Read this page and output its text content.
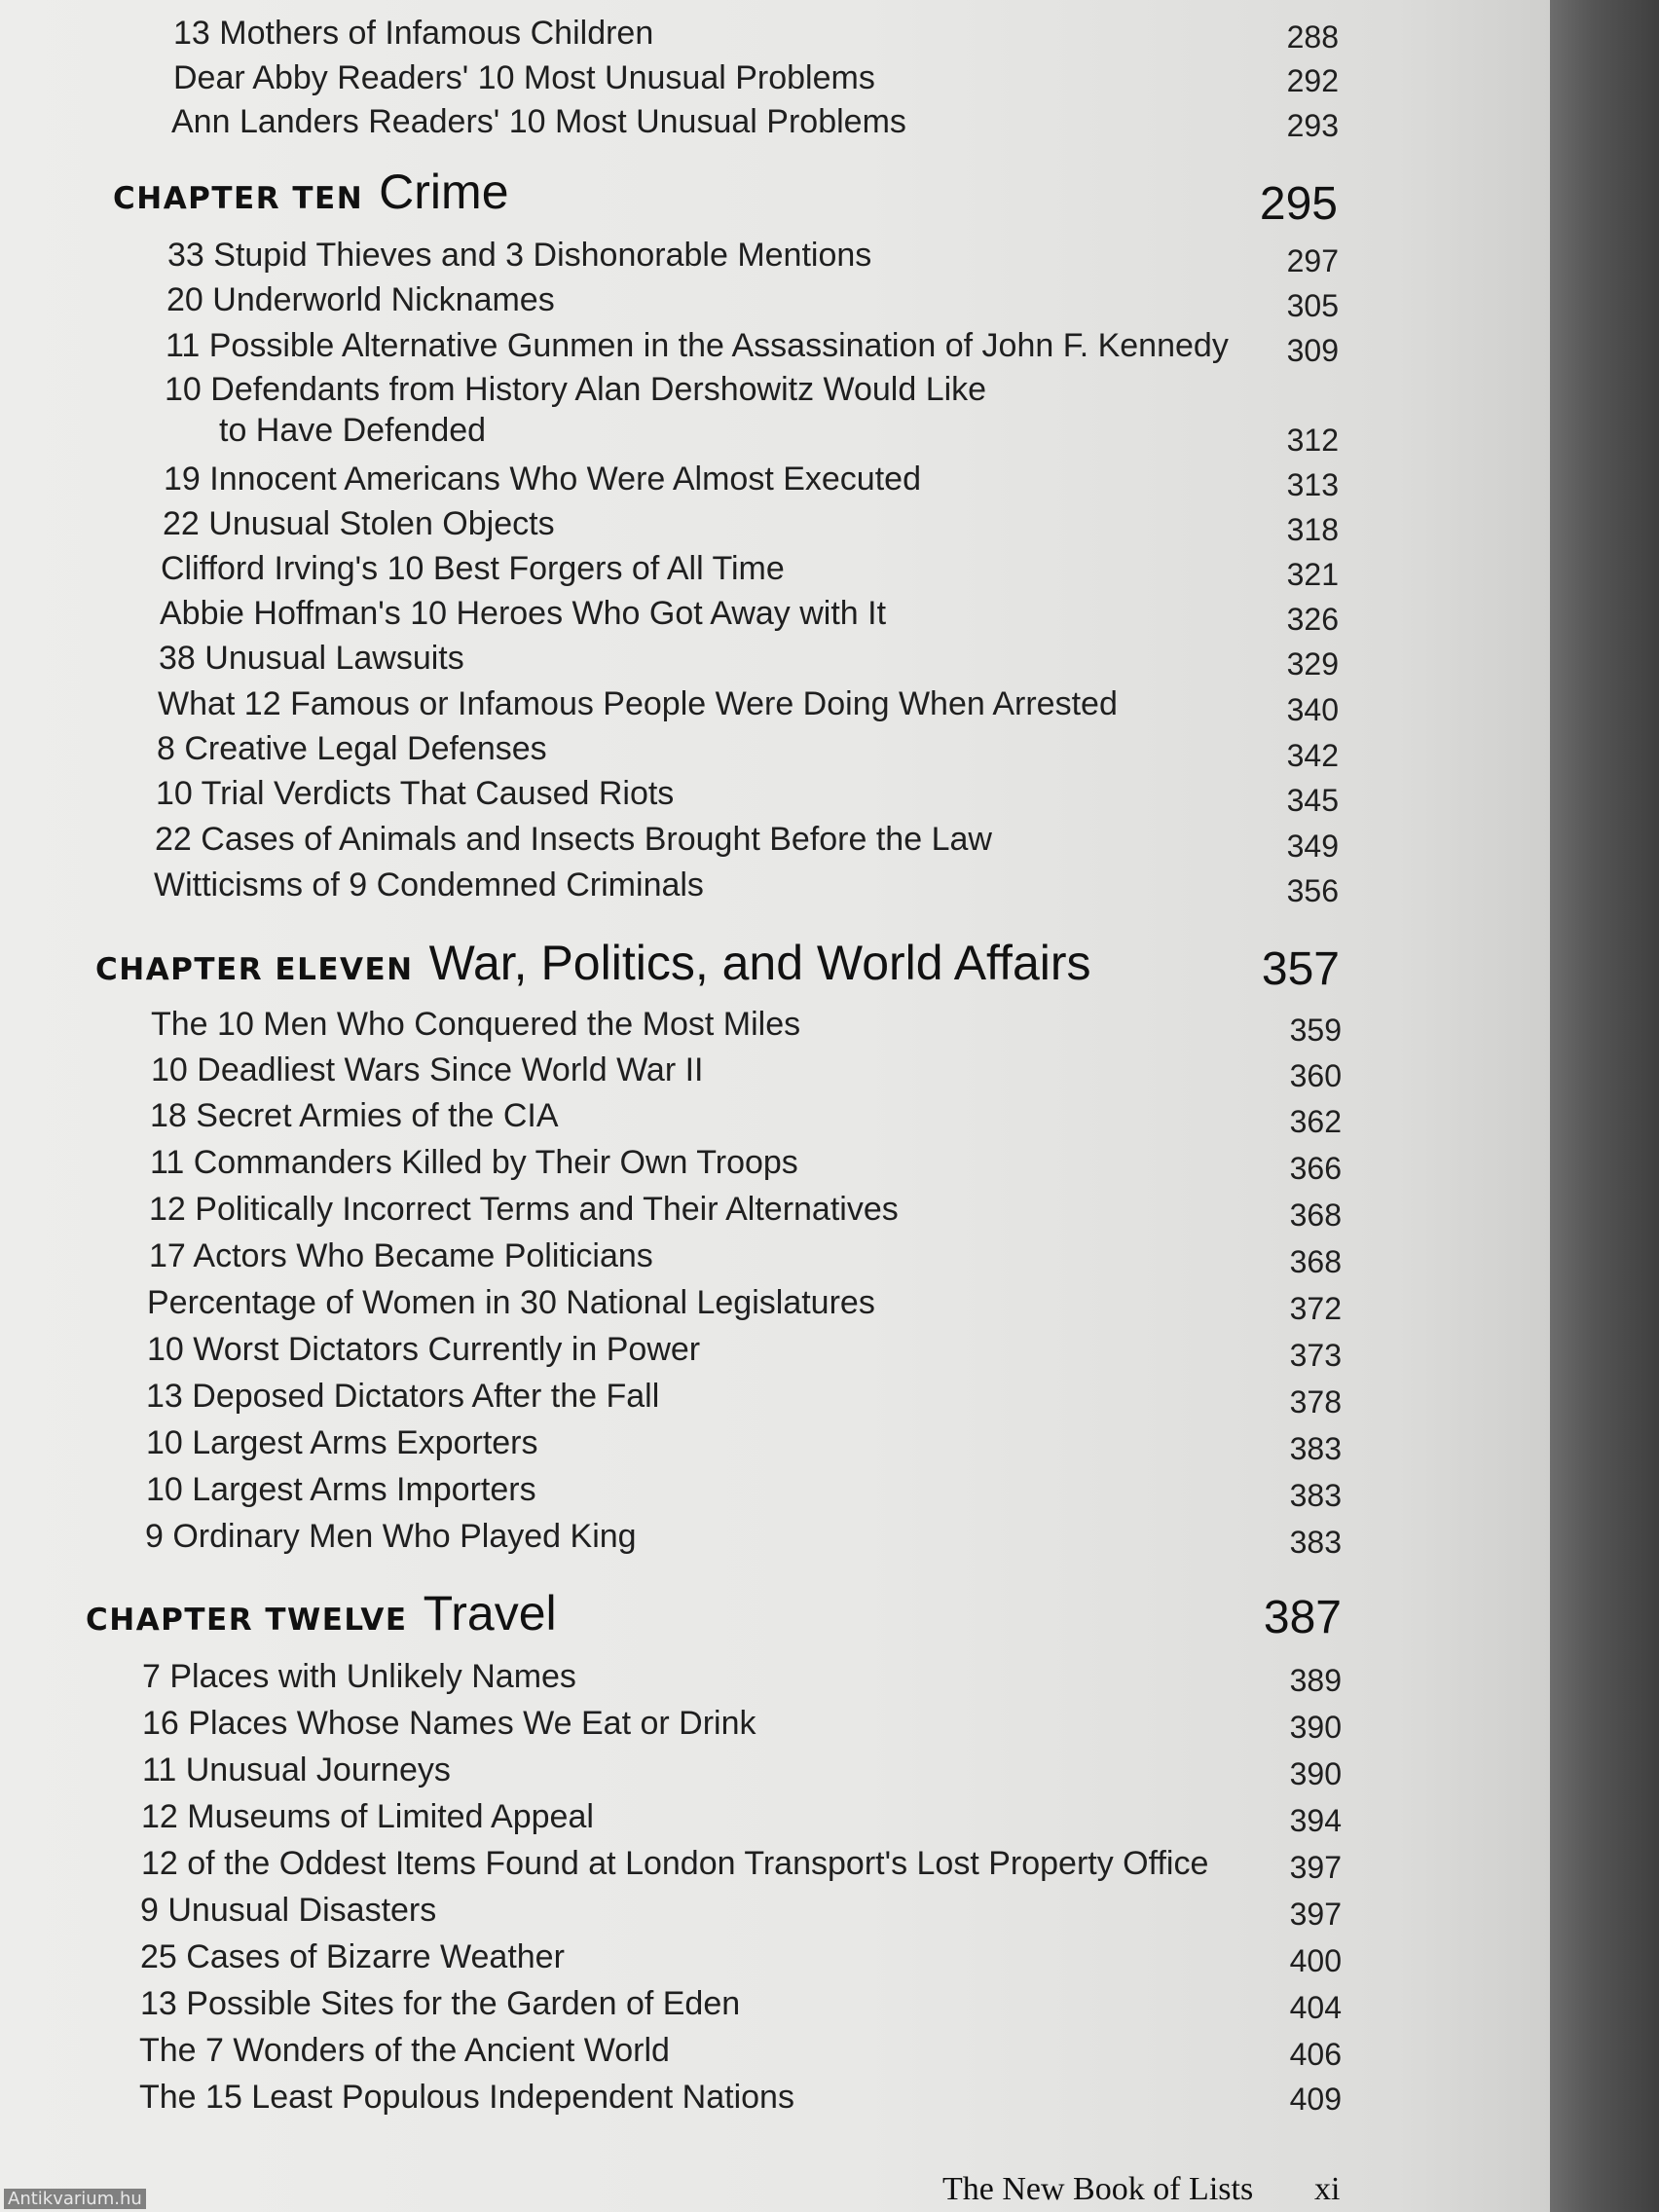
13 Mothers of Infamous Children	288
Dear Abby Readers' 10 Most Unusual Problems	292
Ann Landers Readers' 10 Most Unusual Problems	293
CHAPTER TEN Crime	295
33 Stupid Thieves and 3 Dishonorable Mentions	297
20 Underworld Nicknames	305
11 Possible Alternative Gunmen in the Assassination of John F. Kennedy	309
10 Defendants from History Alan Dershowitz Would Like
to Have Defended	312
19 Innocent Americans Who Were Almost Executed	313
22 Unusual Stolen Objects	318
Clifford Irving's 10 Best Forgers of All Time	321
Abbie Hoffman's 10 Heroes Who Got Away with It	326
38 Unusual Lawsuits	329
What 12 Famous or Infamous People Were Doing When Arrested	340
8 Creative Legal Defenses	342
10 Trial Verdicts That Caused Riots	345
22 Cases of Animals and Insects Brought Before the Law	349
Witticisms of 9 Condemned Criminals	356
CHAPTER ELEVEN War, Politics, and World Affairs	357
The 10 Men Who Conquered the Most Miles	359
10 Deadliest Wars Since World War II	360
18 Secret Armies of the CIA	362
11 Commanders Killed by Their Own Troops	366
12 Politically Incorrect Terms and Their Alternatives	368
17 Actors Who Became Politicians	368
Percentage of Women in 30 National Legislatures	372
10 Worst Dictators Currently in Power	373
13 Deposed Dictators After the Fall	378
10 Largest Arms Exporters	383
10 Largest Arms Importers	383
9 Ordinary Men Who Played King	383
CHAPTER TWELVE Travel	387
7 Places with Unlikely Names	389
16 Places Whose Names We Eat or Drink	390
11 Unusual Journeys	390
12 Museums of Limited Appeal	394
12 of the Oddest Items Found at London Transport's Lost Property Office	397
9 Unusual Disasters	397
25 Cases of Bizarre Weather	400
13 Possible Sites for the Garden of Eden	404
The 7 Wonders of the Ancient World	406
The 15 Least Populous Independent Nations	409
The New Book of Lists xi
Antikvarium.hu
